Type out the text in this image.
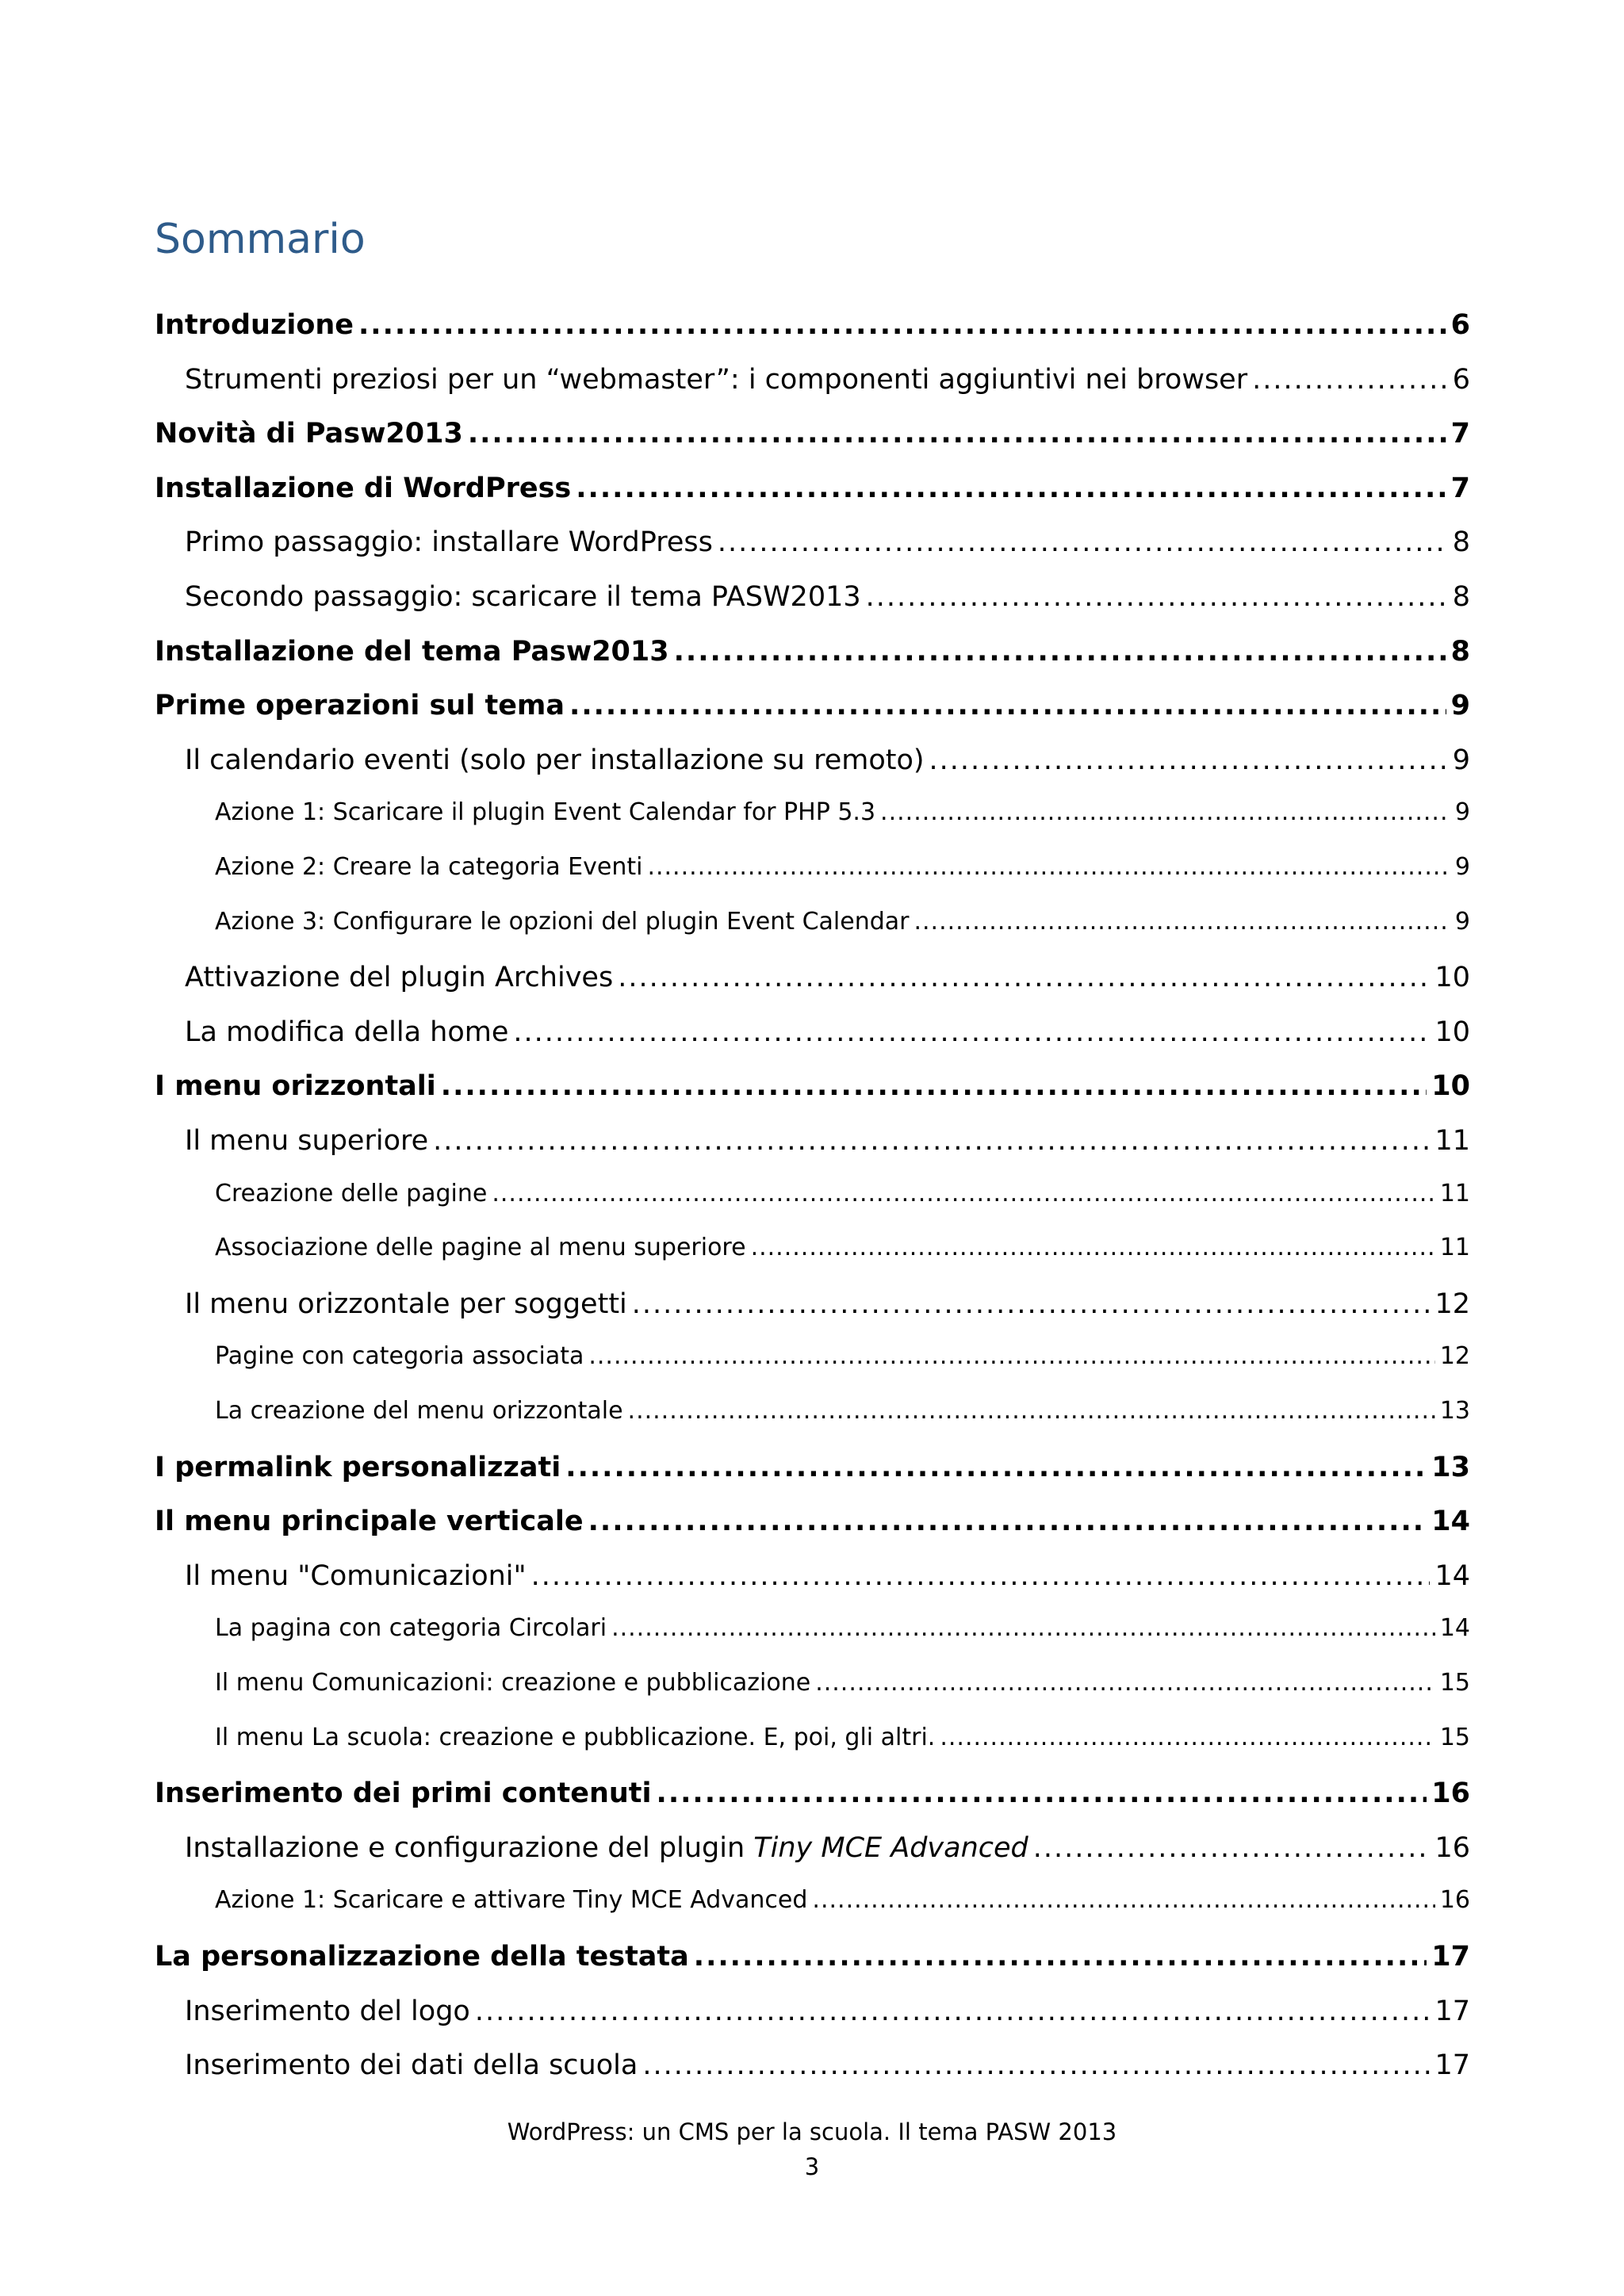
Sommario
Introduzione .....	6
Strumenti preziosi per un “webmaster”: i componenti aggiuntivi nei browser .....	6
Novità di Pasw2013 .....	7
Installazione di WordPress .....	7
Primo passaggio: installare WordPress .....	8
Secondo passaggio: scaricare il tema PASW2013 .....	8
Installazione del tema Pasw2013 .....	8
Prime operazioni sul tema .....	9
Il calendario eventi (solo per installazione su remoto) .....	9
Azione 1: Scaricare il plugin Event Calendar for PHP 5.3 .....	9
Azione 2: Creare la categoria Eventi .....	9
Azione 3: Configurare le opzioni del plugin Event Calendar .....	9
Attivazione del plugin Archives .....	10
La modifica della home .....	10
I menu orizzontali .....	10
Il menu superiore .....	11
Creazione delle pagine .....	11
Associazione delle pagine al menu superiore .....	11
Il menu orizzontale per soggetti .....	12
Pagine con categoria associata .....	12
La creazione del menu orizzontale .....	13
I permalink personalizzati .....	13
Il menu principale verticale .....	14
Il menu "Comunicazioni" .....	14
La pagina con categoria Circolari .....	14
Il menu Comunicazioni: creazione e pubblicazione .....	15
Il menu La scuola: creazione e pubblicazione. E, poi, gli altri. .....	15
Inserimento dei primi contenuti .....	16
Installazione e configurazione del plugin Tiny MCE Advanced .....	16
Azione 1: Scaricare e attivare Tiny MCE Advanced .....	16
La personalizzazione della testata .....	17
Inserimento del logo .....	17
Inserimento dei dati della scuola .....	17
WordPress: un CMS per la scuola. Il tema PASW 2013
3
